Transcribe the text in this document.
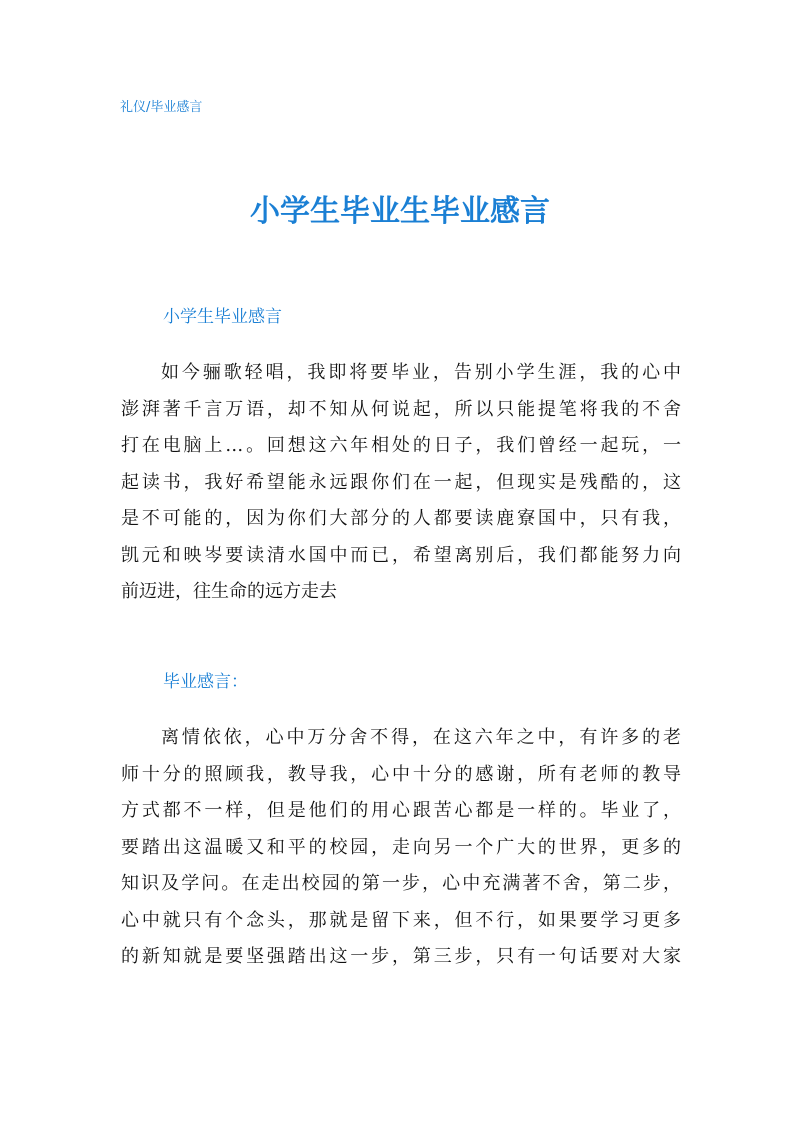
礼仪/毕业感言
小学生毕业生毕业感言
小学生毕业感言

如今骊歌轻唱，我即将要毕业，告别小学生涯，我的心中
澎湃著千言万语，却不知从何说起，所以只能提笔将我的不舍
打在电脑上…。回想这六年相处的日子，我们曾经一起玩，一
起读书，我好希望能永远跟你们在一起，但现实是残酷的，这
是不可能的，因为你们大部分的人都要读鹿寮国中，只有我，
凯元和映岑要读清水国中而已，希望离别后，我们都能努力向
前迈进，往生命的远方走去

毕业感言：

离情依依，心中万分舍不得，在这六年之中，有许多的老
师十分的照顾我，教导我，心中十分的感谢，所有老师的教导
方式都不一样，但是他们的用心跟苦心都是一样的。毕业了，
要踏出这温暖又和平的校园，走向另一个广大的世界，更多的
知识及学问。在走出校园的第一步，心中充满著不舍，第二步，
心中就只有个念头，那就是留下来，但不行，如果要学习更多
的新知就是要坚强踏出这一步，第三步，只有一句话要对大家
